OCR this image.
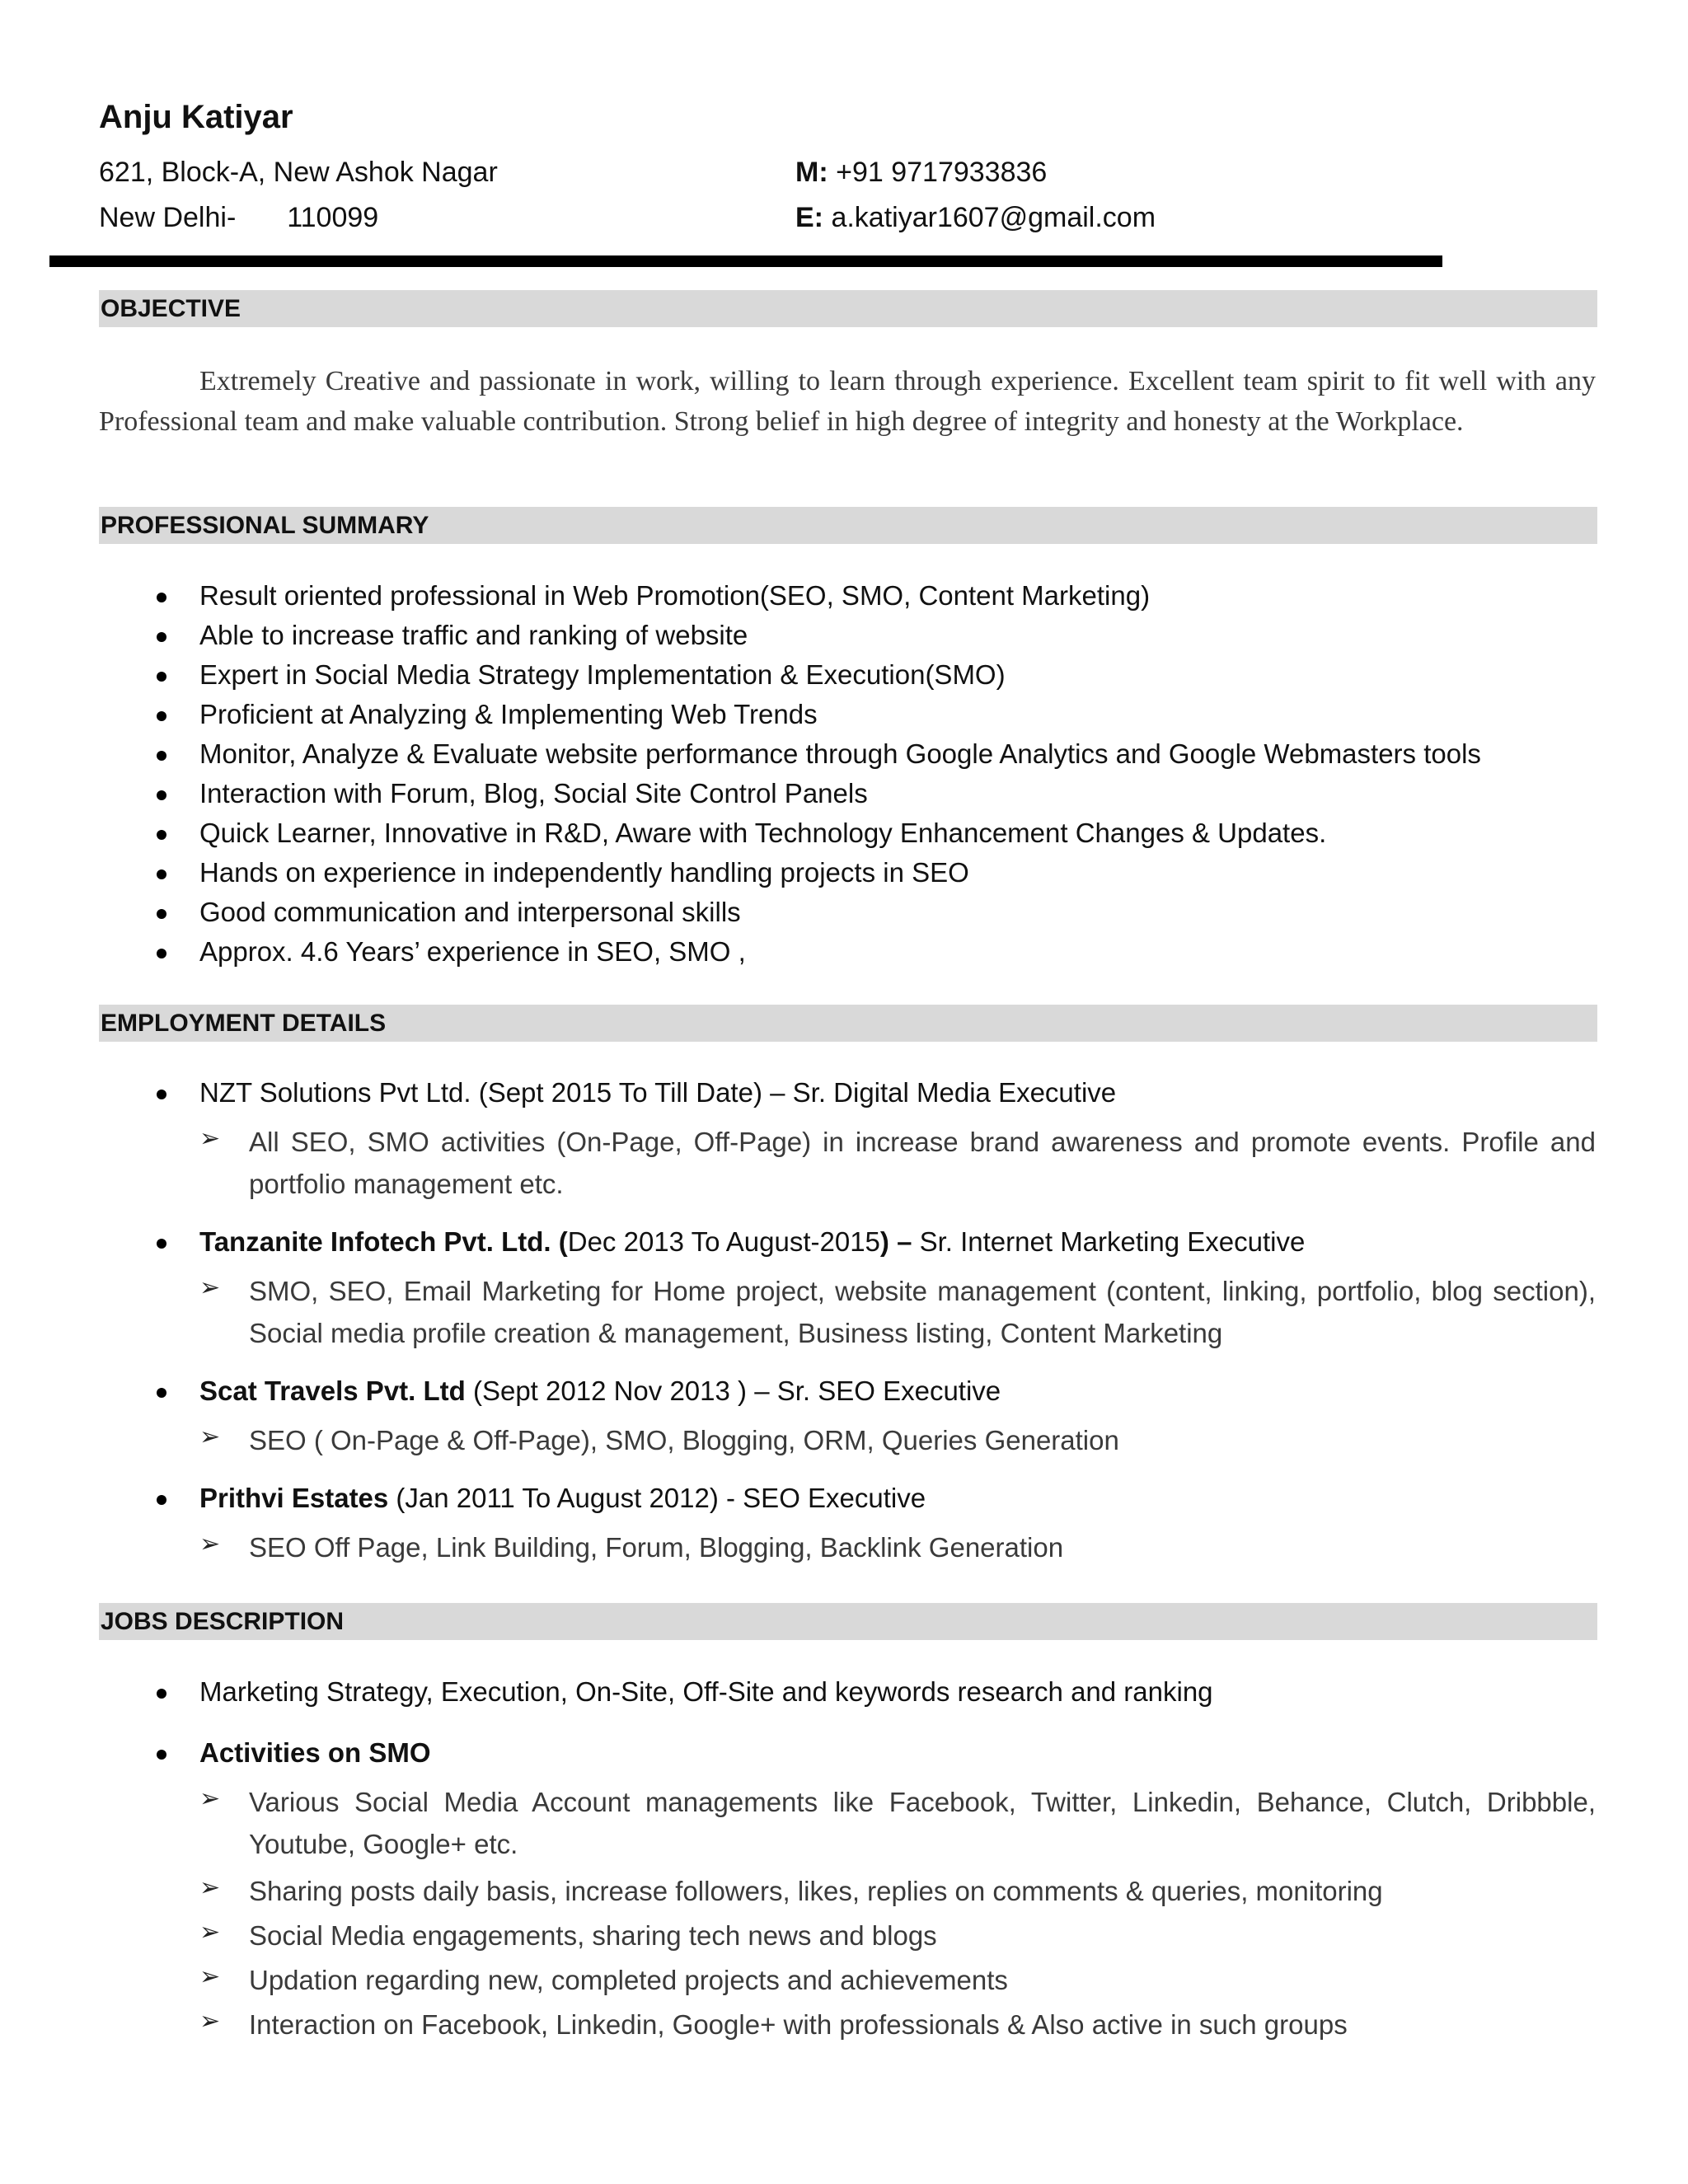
Anju Katiyar
621, Block-A, New Ashok Nagar
New Delhi- 110099
M: +91 9717933836
E: a.katiyar1607@gmail.com
OBJECTIVE

Extremely Creative and passionate in work, willing to learn through experience. Excellent team spirit to fit well with any Professional team and make valuable contribution. Strong belief in high degree of integrity and honesty at the Workplace.

PROFESSIONAL SUMMARY
Result oriented professional in Web Promotion(SEO, SMO, Content Marketing)
Able to increase traffic and ranking of website
Expert in Social Media Strategy Implementation & Execution(SMO)
Proficient at Analyzing & Implementing Web Trends
Monitor, Analyze & Evaluate website performance through Google Analytics and Google Webmasters tools
Interaction with Forum, Blog, Social Site Control Panels
Quick Learner, Innovative in R&D, Aware with Technology Enhancement Changes & Updates.
Hands on experience in independently handling projects in SEO
Good communication and interpersonal skills
Approx. 4.6 Years’ experience in SEO, SMO ,
EMPLOYMENT DETAILS
NZT Solutions Pvt Ltd. (Sept 2015 To Till Date) – Sr. Digital Media Executive
➢ All SEO, SMO activities (On-Page, Off-Page) in increase brand awareness and promote events. Profile and portfolio management etc.
Tanzanite Infotech Pvt. Ltd. (Dec 2013 To August-2015) – Sr. Internet Marketing Executive
➢ SMO, SEO, Email Marketing for Home project, website management (content, linking, portfolio, blog section), Social media profile creation & management, Business listing, Content Marketing
Scat Travels Pvt. Ltd (Sept 2012 Nov 2013 ) – Sr. SEO Executive
➢ SEO ( On-Page & Off-Page), SMO, Blogging, ORM, Queries Generation
Prithvi Estates (Jan 2011 To August 2012) - SEO Executive
➢ SEO Off Page, Link Building, Forum, Blogging, Backlink Generation
JOBS DESCRIPTION
Marketing Strategy, Execution, On-Site, Off-Site and keywords research and ranking
Activities on SMO
➢ Various Social Media Account managements like Facebook, Twitter, Linkedin, Behance, Clutch, Dribbble, Youtube, Google+ etc.
➢ Sharing posts daily basis, increase followers, likes, replies on comments & queries, monitoring
➢ Social Media engagements, sharing tech news and blogs
➢ Updation regarding new, completed projects and achievements
➢ Interaction on Facebook, Linkedin, Google+ with professionals & Also active in such groups
